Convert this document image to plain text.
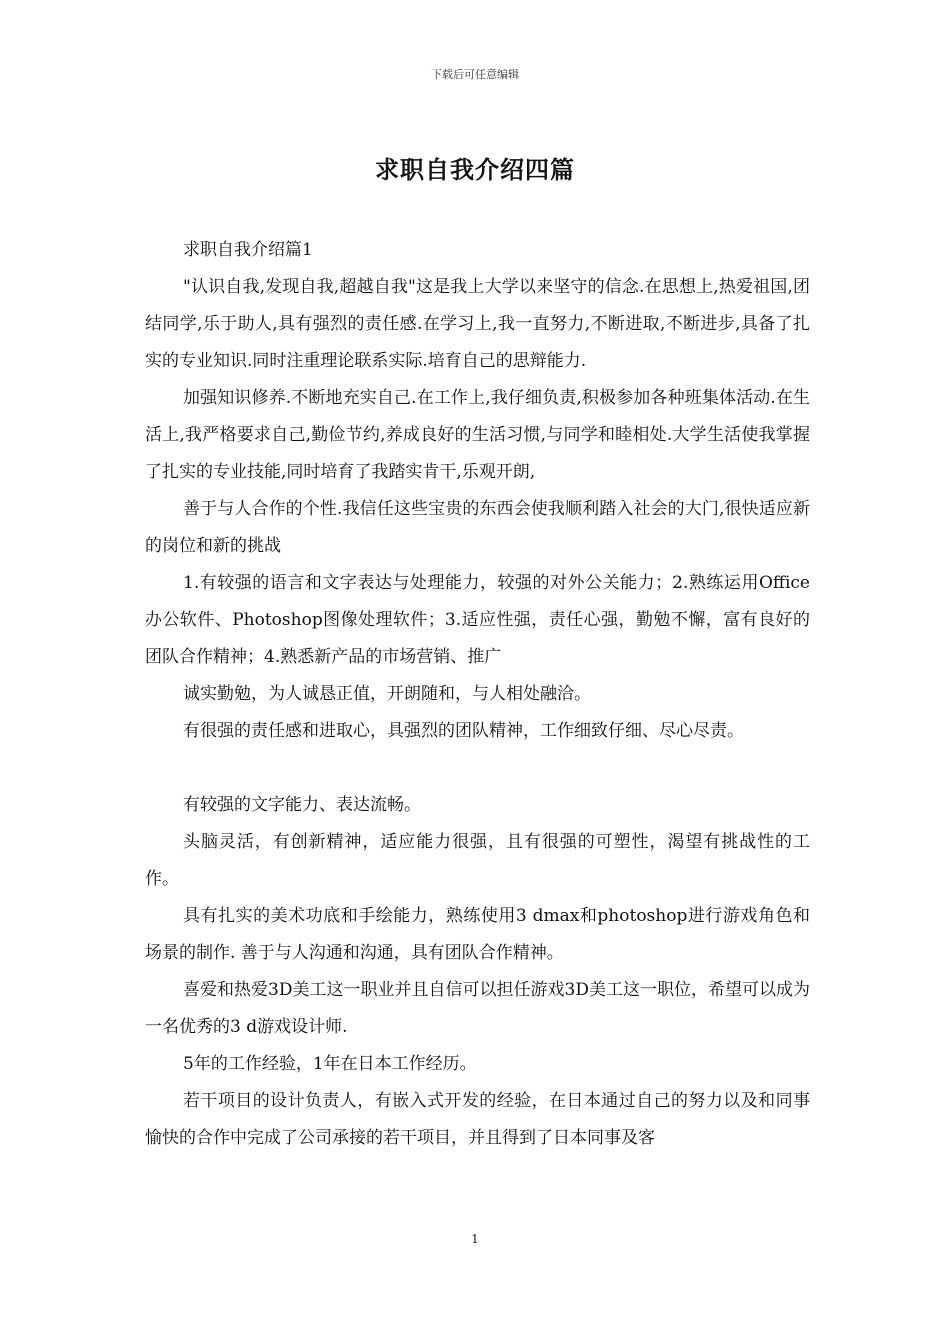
下载后可任意编辑
求职自我介绍四篇

求职自我介绍篇1

"认识自我,发现自我,超越自我"这是我上大学以来坚守的信念.在思想上,热爱祖国,团结同学,乐于助人,具有强烈的责任感.在学习上,我一直努力,不断进取,不断进步,具备了扎实的专业知识.同时注重理论联系实际.培育自己的思辩能力.

加强知识修养.不断地充实自己.在工作上,我仔细负责,积极参加各种班集体活动.在生活上,我严格要求自己,勤俭节约,养成良好的生活习惯,与同学和睦相处.大学生活使我掌握了扎实的专业技能,同时培育了我踏实肯干,乐观开朗,

善于与人合作的个性.我信任这些宝贵的东西会使我顺利踏入社会的大门,很快适应新的岗位和新的挑战

1.有较强的语言和文字表达与处理能力，较强的对外公关能力；2.熟练运用Office办公软件、Photoshop图像处理软件；3.适应性强，责任心强，勤勉不懈，富有良好的团队合作精神；4.熟悉新产品的市场营销、推广

诚实勤勉，为人诚恳正值，开朗随和，与人相处融洽。

有很强的责任感和进取心，具强烈的团队精神，工作细致仔细、尽心尽责。

有较强的文字能力、表达流畅。

头脑灵活，有创新精神，适应能力很强，且有很强的可塑性，渴望有挑战性的工作。

具有扎实的美术功底和手绘能力，熟练使用3 dmax和photoshop进行游戏角色和场景的制作. 善于与人沟通和沟通，具有团队合作精神。

喜爱和热爱3D美工这一职业并且自信可以担任游戏3D美工这一职位，希望可以成为一名优秀的3 d游戏设计师.

5年的工作经验，1年在日本工作经历。

若干项目的设计负责人，有嵌入式开发的经验，在日本通过自己的努力以及和同事愉快的合作中完成了公司承接的若干项目，并且得到了日本同事及客

1
